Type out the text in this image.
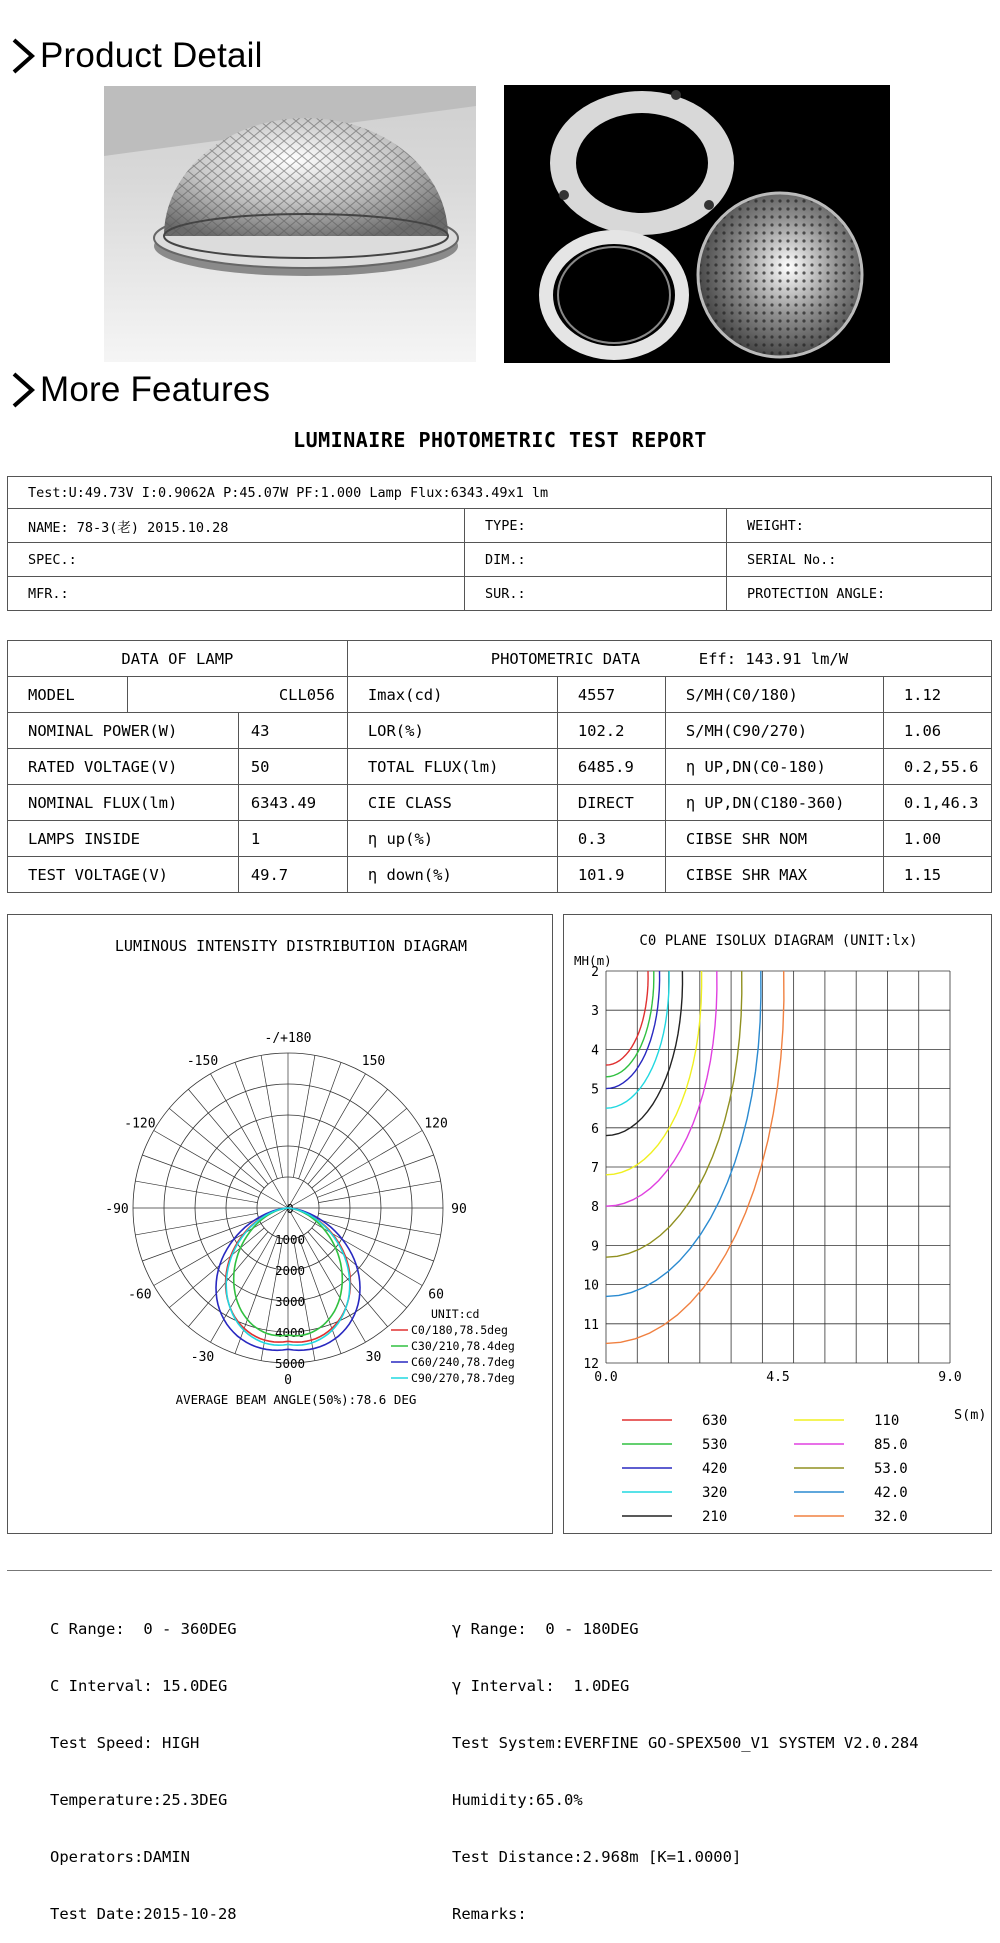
Product Detail
More Features
LUMINAIRE PHOTOMETRIC TEST REPORT
Test:U:49.73V I:0.9062A P:45.07W PF:1.000 Lamp Flux:6343.49x1 lm		
NAME: 78-3(老) 2015.10.28	TYPE:	WEIGHT:
SPEC.:	DIM.:	SERIAL No.:
MFR.:	SUR.:	PROTECTION ANGLE:
DATA OF LAMP			PHOTOMETRIC DATA Eff: 143.91 lm/W			
MODEL	CLL056		Imax(cd)	4557	S/MH(C0/180)	1.12
NOMINAL POWER(W)		43	LOR(%)	102.2	S/MH(C90/270)	1.06
RATED VOLTAGE(V)		50	TOTAL FLUX(lm)	6485.9	η UP,DN(C0-180)	0.2,55.6
NOMINAL FLUX(lm)		6343.49	CIE CLASS	DIRECT	η UP,DN(C180-360)	0.1,46.3
LAMPS INSIDE		1	η up(%)	0.3	CIBSE SHR NOM	1.00
TEST VOLTAGE(V)		49.7	η down(%)	101.9	CIBSE SHR MAX	1.15
LUMINOUS INTENSITY DISTRIBUTION DIAGRAM
-/+180
150
120
90
60
30
0
-30
-60
-90
-120
-150
0
1000
2000
3000
4000
5000
C0/180,78.5deg
C30/210,78.4deg
C60/240,78.7deg
C90/270,78.7deg
UNIT:cd
AVERAGE BEAM ANGLE(50%):78.6 DEG
C0 PLANE ISOLUX DIAGRAM (UNIT:lx)
MH(m)
2
3
4
5
6
7
8
9
10
11
12
0.0	4.5	9.0
S(m)
630
530
420
320
210
110
85.0
53.0
42.0
32.0

C Range:  0 - 360DEG

C Interval: 15.0DEG

Test Speed: HIGH

Temperature:25.3DEG

Operators:DAMIN

Test Date:2015-10-28

γ Range:  0 - 180DEG

γ Interval:  1.0DEG

Test System:EVERFINE GO-SPEX500_V1 SYSTEM V2.0.284

Humidity:65.0%

Test Distance:2.968m [K=1.0000]

Remarks:
